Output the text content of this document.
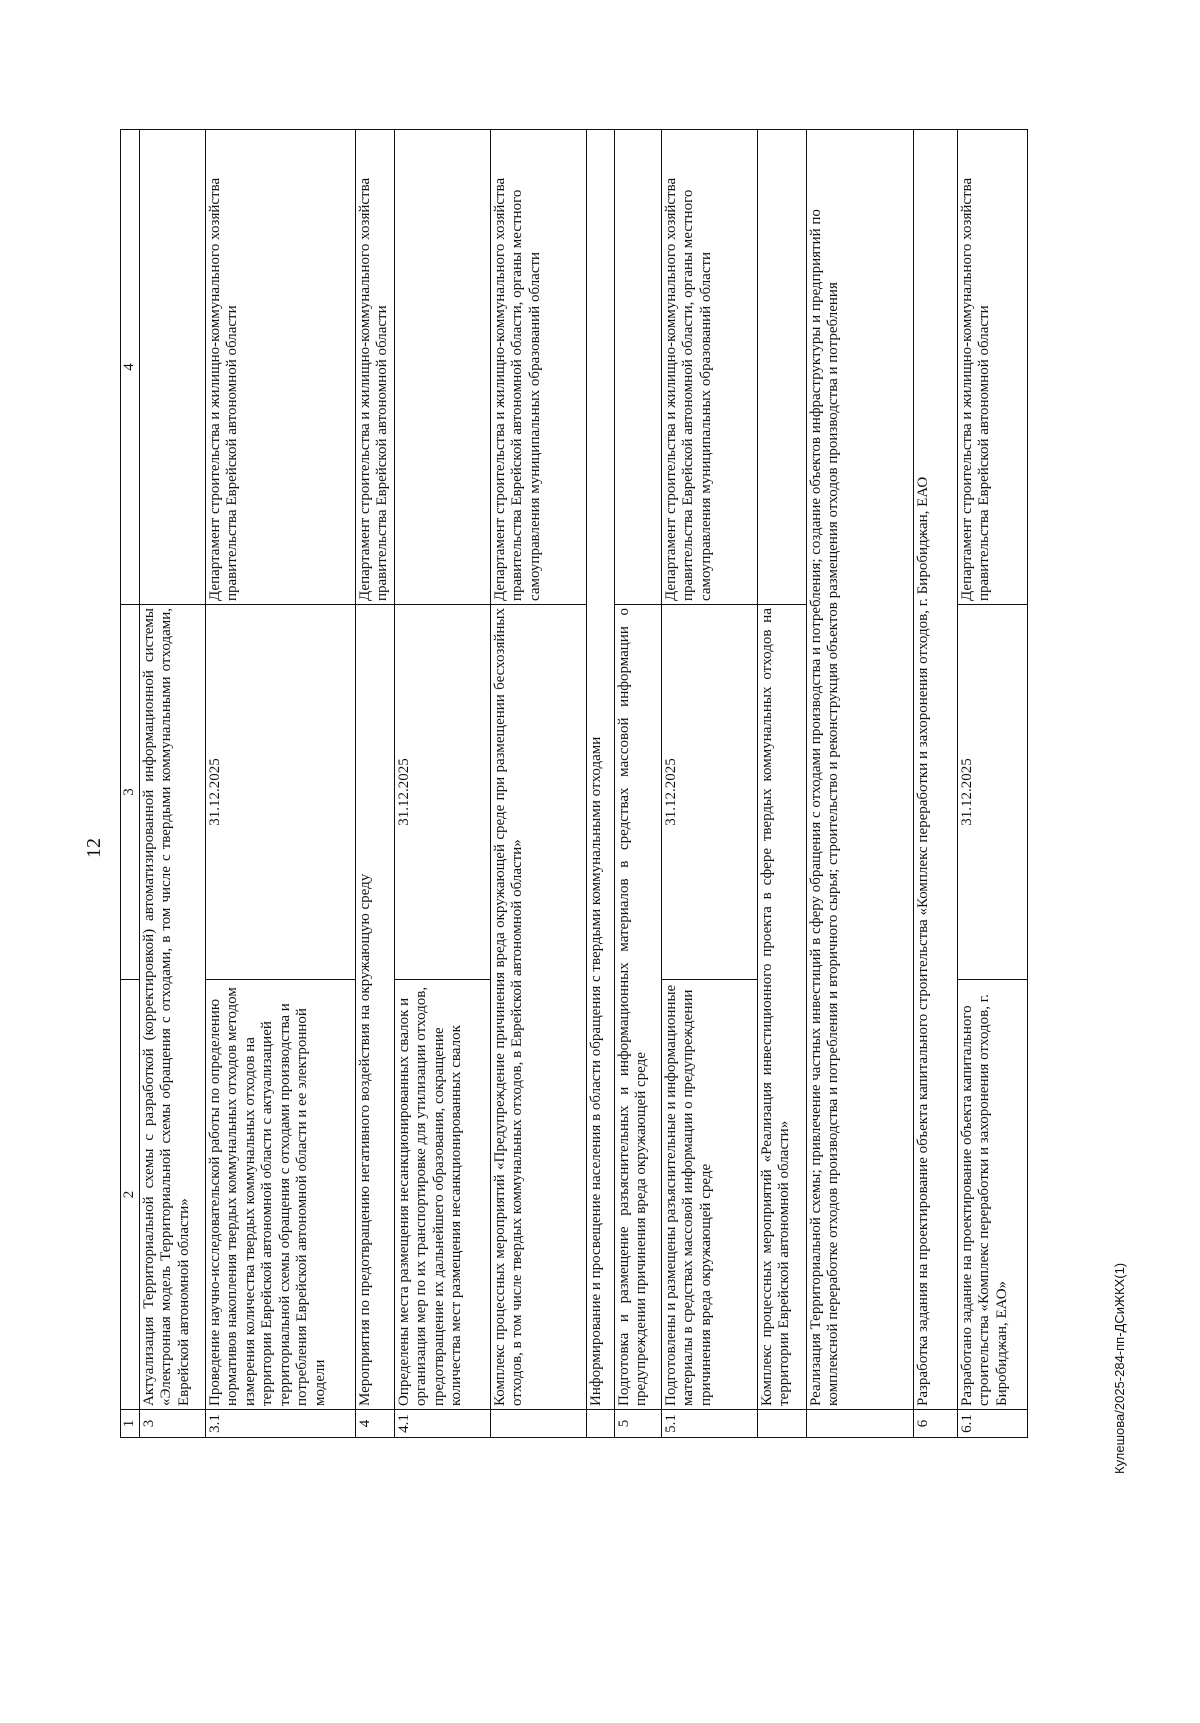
12
1	2	3	4
3	Актуализация Территориальной схемы с разработкой (корректировкой) автоматизированной информационной системы «Электронная модель Территориальной схемы обращения с отходами, в том числе с твердыми коммунальными отходами, Еврейской автономной области»		
3.1	Проведение научно-исследовательской работы по определению нормативов накопления твердых коммунальных отходов методом измерения количества твердых коммунальных отходов на территории Еврейской автономной области с актуализацией территориальной схемы обращения с отходами производства и потребления Еврейской автономной области и ее электронной модели	31.12.2025	Департамент строительства и жилищно-коммунального хозяйства правительства Еврейской автономной области
4	Мероприятия по предотвращению негативного воздействия на окружающую среду		Департамент строительства и жилищно-коммунального хозяйства правительства Еврейской автономной области
4.1	Определены места размещения несанкционированных свалок и организация мер по их транспортировке для утилизации отходов, предотвращение их дальнейшего образования, сокращение количества мест размещения несанкционированных свалок	31.12.2025	
	Комплекс процессных мероприятий «Предупреждение причинения вреда окружающей среде при размещении бесхозяйных отходов, в том числе твердых коммунальных отходов, в Еврейской автономной области»		Департамент строительства и жилищно-коммунального хозяйства правительства Еврейской автономной области, органы местного самоуправления муниципальных образований области
	Информирование и просвещение населения в области обращения с твердыми коммунальными отходами		
5	Подготовка и размещение разъяснительных и информационных материалов в средствах массовой информации о предупреждении причинения вреда окружающей среде		
5.1	Подготовлены и размещены разъяснительные и информационные материалы в средствах массовой информации о предупреждении причинения вреда окружающей среде	31.12.2025	Департамент строительства и жилищно-коммунального хозяйства правительства Еврейской автономной области, органы местного самоуправления муниципальных образований области
	Комплекс процессных мероприятий «Реализация инвестиционного проекта в сфере твердых коммунальных отходов на территории Еврейской автономной области»		
	Реализация Территориальной схемы; привлечение частных инвестиций в сферу обращения с отходами производства и потребления; создание объектов инфраструктуры и предприятий по комплексной переработке отходов производства и потребления и вторичного сырья; строительство и реконструкция объектов размещения отходов производства и потребления		
6	Разработка задания на проектирование объекта капитального строительства «Комплекс переработки и захоронения отходов, г. Биробиджан, ЕАО		
6.1	Разработано задание на проектирование объекта капитального строительства «Комплекс переработки и захоронения отходов, г. Биробиджан, ЕАО»	31.12.2025	Департамент строительства и жилищно-коммунального хозяйства правительства Еврейской автономной области
Кулешова/2025-284-пп-ДСиЖКХ(1)
